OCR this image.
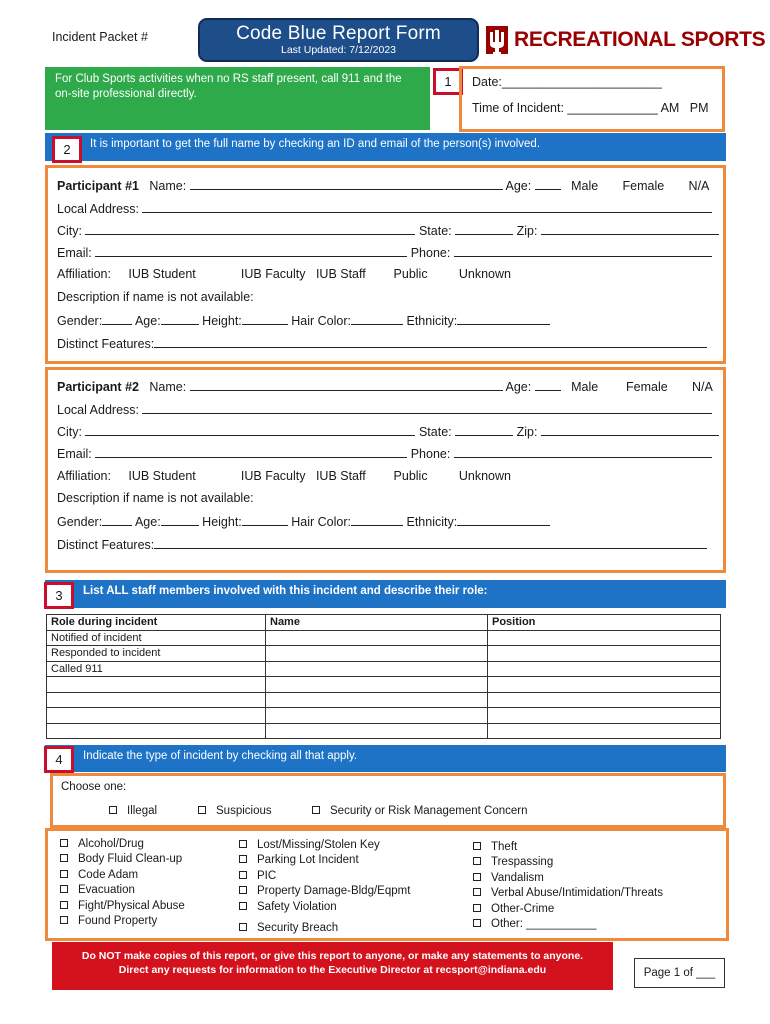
Incident Packet #	Code Blue Report Form
Last Updated: 7/12/2023	RECREATIONAL SPORTS
For Club Sports activities when no RS staff present, call 911 and the on-site professional directly.
1	Date:_______________________
Time of Incident: _____________ AM PM
It is important to get the full name by checking an ID and email of the person(s) involved.
2
Participant #1 Name:	Age:	Male Female N/A
Local Address:
City:	State:	Zip:
Email:	Phone:
Affiliation: IUB Student	IUB Faculty IUB Staff Public	Unknown
Description if name is not available:
Gender:	Age:	Height:	Hair Color:	Ethnicity:
Distinct Features:
Participant #2 Name:	Age:	Male Female N/A
Local Address:
City:	State:	Zip:
Email:	Phone:
Affiliation: IUB Student	IUB Faculty IUB Staff Public	Unknown
Description if name is not available:
Gender:	Age:	Height:	Hair Color:	Ethnicity:
Distinct Features:
List ALL staff members involved with this incident and describe their role:
3
Role during incident	Name	Position
Notified of incident		
Responded to incident		
Called 911		

Indicate the type of incident by checking all that apply.
4
Choose one:
Illegal	Suspicious	Security or Risk Management Concern
Alcohol/Drug
Body Fluid Clean-up
Code Adam
Evacuation
Fight/Physical Abuse
Found Property
Lost/Missing/Stolen Key
Parking Lot Incident
PIC
Property Damage-Bldg/Eqpmt
Safety Violation
Security Breach
Theft
Trespassing
Vandalism
Verbal Abuse/Intimidation/Threats
Other-Crime
Other: ___________
Do NOT make copies of this report, or give this report to anyone, or make any statements to anyone.
Direct any requests for information to the Executive Director at recsport@indiana.edu	Page 1 of ___
